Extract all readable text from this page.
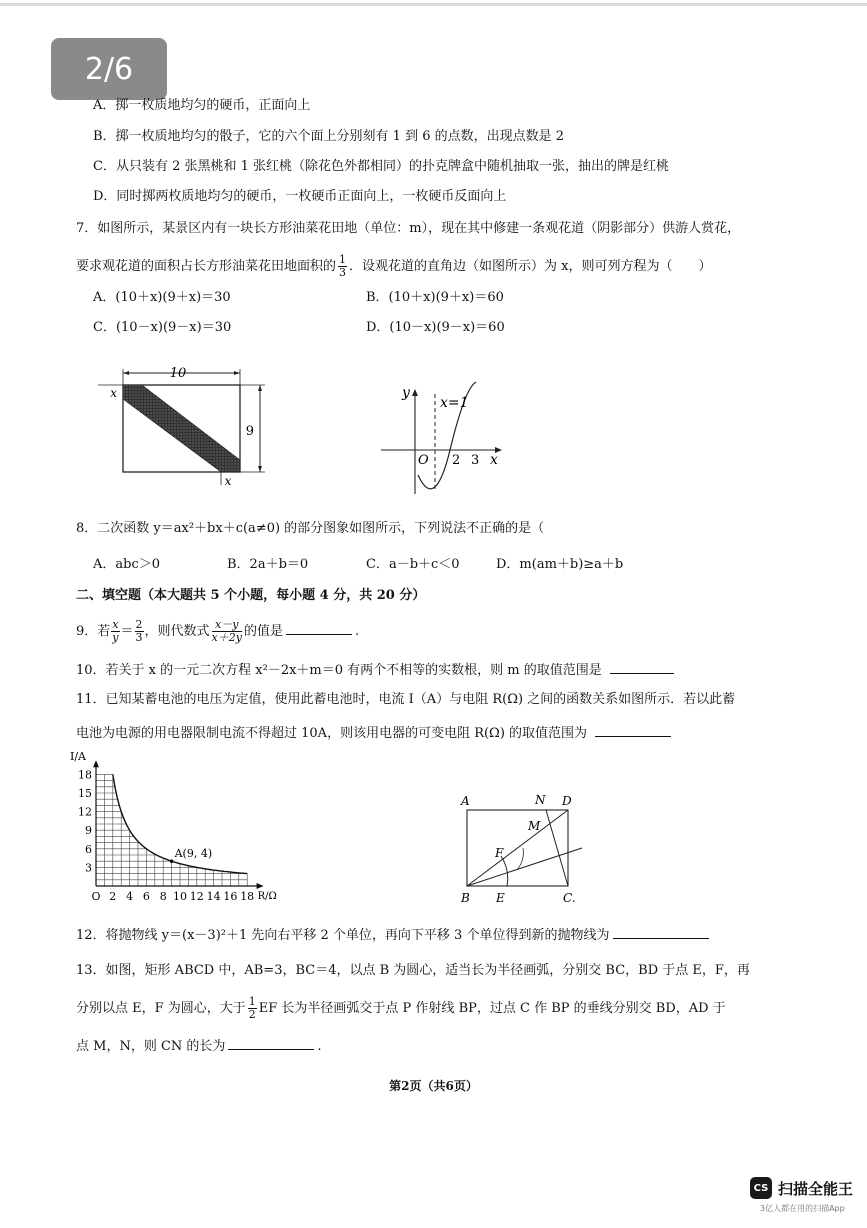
2/6
A．掷一枚质地均匀的硬币，正面向上
B．掷一枚质地均匀的骰子，它的六个面上分别刻有 1 到 6 的点数，出现点数是 2
C．从只装有 2 张黑桃和 1 张红桃（除花色外都相同）的扑克牌盒中随机抽取一张，抽出的牌是红桃
D．同时掷两枚质地均匀的硬币，一枚硬币正面向上，一枚硬币反面向上
7．如图所示，某景区内有一块长方形油菜花田地（单位：m），现在其中修建一条观花道（阴影部分）供游人赏花，
要求观花道的面积占长方形油菜花田地面积的 $\frac{1}{3}$ ．设观花道的直角边（如图所示）为 x，则可列方程为（　　）
A．(10＋x)(9＋x)＝30	B．(10＋x)(9＋x)＝60
C．(10－x)(9－x)＝30	D．(10－x)(9－x)＝60
10
9
x
x
y
x
x=1
O 2 3
8．二次函数 y＝ax²＋bx＋c(a≠0) 的部分图象如图所示，下列说法不正确的是（
A．abc＞0	B．2a＋b＝0	C．a－b＋c＜0	D．m(am＋b)≥a＋b
二、填空题（本大题共 5 个小题，每小题 4 分，共 20 分）
9．若 $\frac{x}{y} = \frac{2}{3}$ ，则代数式 $\frac{x-y}{x+2y}$ 的值是	.
10．若关于 x 的一元二次方程 x²－2x＋m＝0 有两个不相等的实数根，则 m 的取值范围是
11．已知某蓄电池的电压为定值，使用此蓄电池时，电流 I（A）与电阻 R(Ω) 之间的函数关系如图所示．若以此蓄
电池为电源的用电器限制电流不得超过 10A，则该用电器的可变电阻 R(Ω) 的取值范围为
A(9, 4)
O 2 4 6 8 10 12 14 16 18
3
6
9
12
15
18
I/A
R/Ω
A	N D
M
F
B E	C.
12．将抛物线 y＝(x－3)²＋1 先向右平移 2 个单位，再向下平移 3 个单位得到新的抛物线为
13．如图，矩形 ABCD 中，AB=3，BC＝4，以点 B 为圆心，适当长为半径画弧，分别交 BC，BD 于点 E，F，再
分别以点 E，F 为圆心，大于 $\frac{1}{2}$ EF 长为半径画弧交于点 P 作射线 BP，过点 C 作 BP 的垂线分别交 BD，AD 于
点 M，N，则 CN 的长为	.
第2页（共6页）
CS 扫描全能王
3亿人都在用的扫描App
